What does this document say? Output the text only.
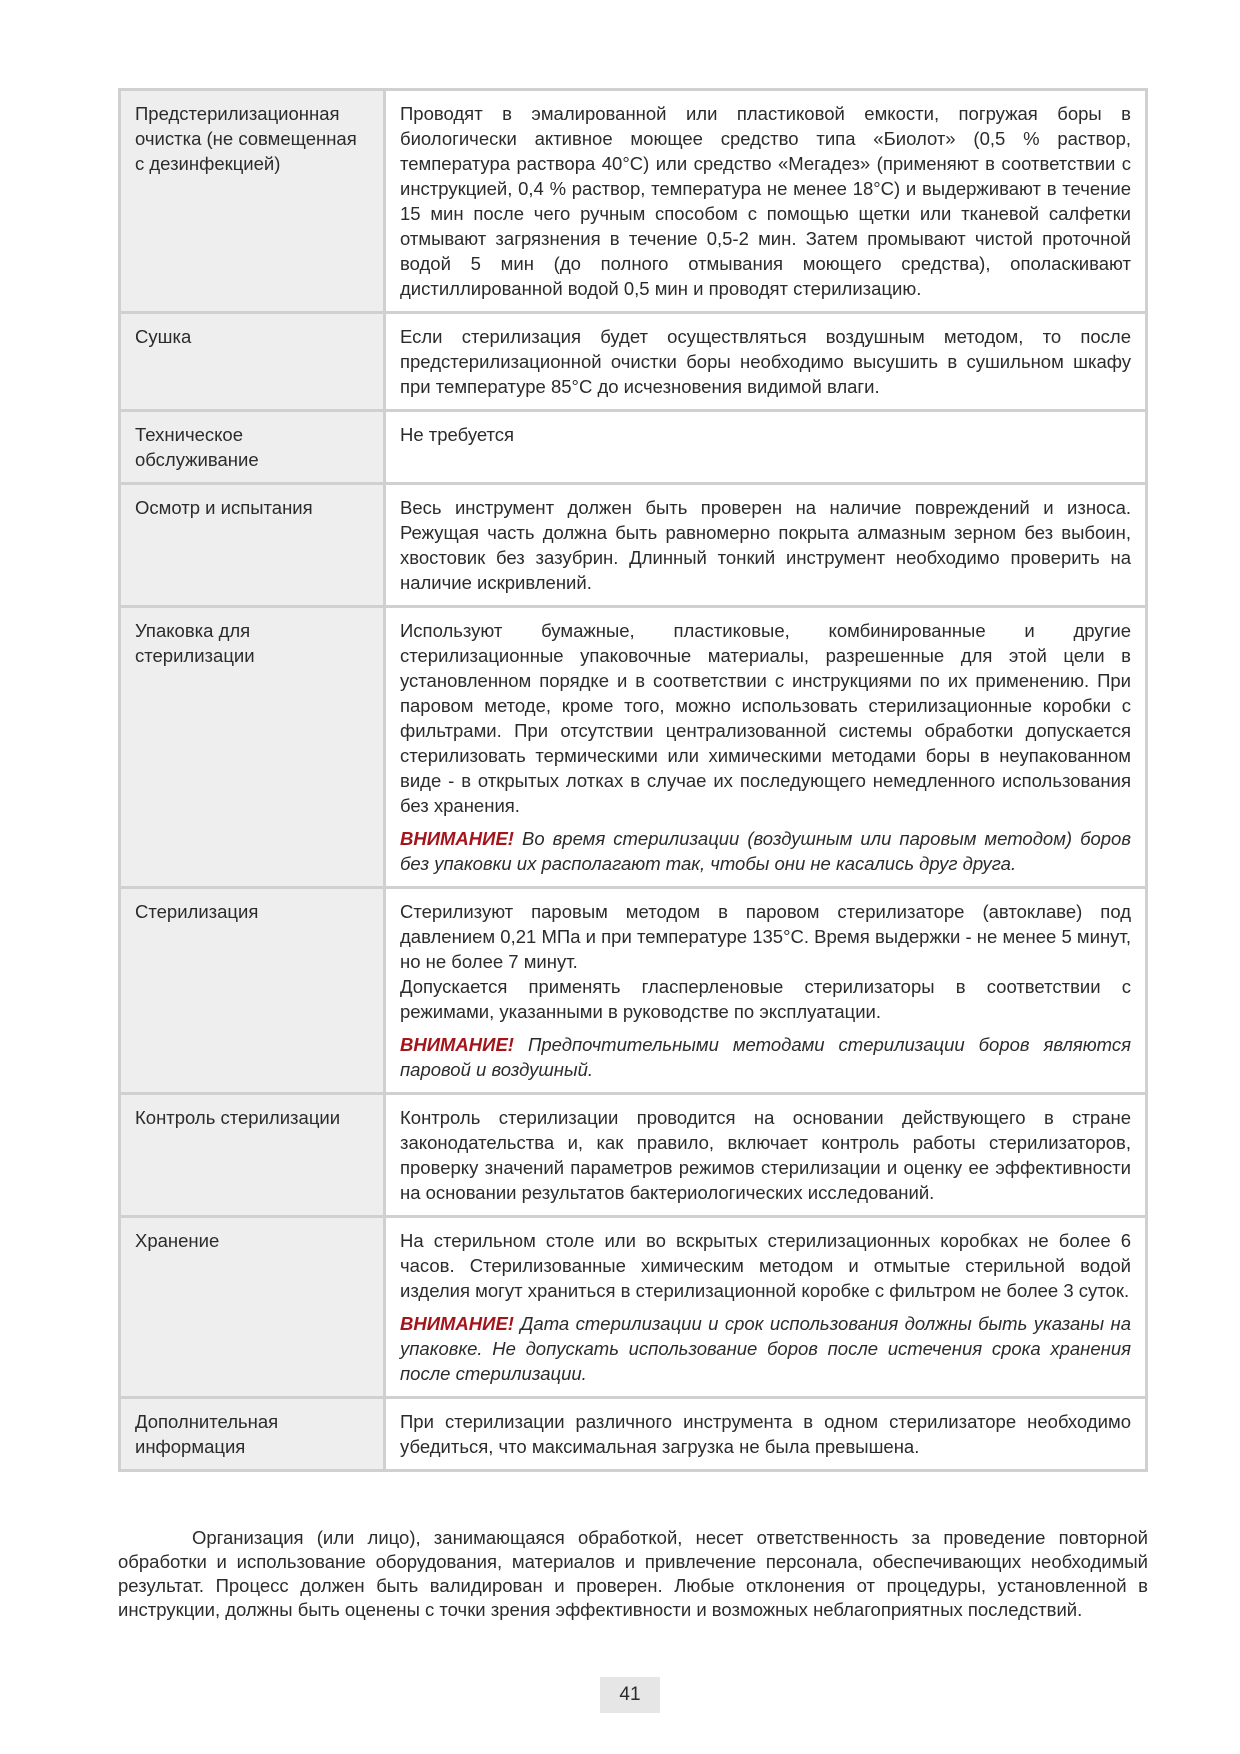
Предстерилизационная очистка (не совмещенная с дезинфекцией)	Проводят в эмалированной или пластиковой емкости, погружая боры в биологически активное моющее средство типа «Биолот» (0,5 % раствор, температура раствора 40°С) или средство «Мегадез» (применяют в соответствии с инструкцией, 0,4 % раствор, температура не менее 18°С) и выдерживают в течение 15 мин после чего ручным способом с помощью щетки или тканевой салфетки отмывают загрязнения в течение 0,5-2 мин. Затем промывают чистой проточной водой 5 мин (до полного отмывания моющего средства), ополаскивают дистиллированной водой 0,5 мин и проводят стерилизацию.

Сушка	Если стерилизация будет осуществляться воздушным методом, то после предстерилизационной очистки боры необходимо высушить в сушильном шкафу при температуре 85°С до исчезновения видимой влаги.

Техническое обслуживание	Не требуется

Осмотр и испытания	Весь инструмент должен быть проверен на наличие повреждений и износа. Режущая часть должна быть равномерно покрыта алмазным зерном без выбоин, хвостовик без зазубрин. Длинный тонкий инструмент необходимо проверить на наличие искривлений.

Упаковка для стерилизации	Используют бумажные, пластиковые, комбинированные и другие стерилизационные упаковочные материалы, разрешенные для этой цели в установленном порядке и в соответствии с инструкциями по их применению. При паровом методе, кроме того, можно использовать стерилизационные коробки с фильтрами. При отсутствии централизованной системы обработки допускается стерилизовать термическими или химическими методами боры в неупакованном виде - в открытых лотках в случае их последующего немедленного использования без хранения.

ВНИМАНИЕ! Во время стерилизации (воздушным или паровым методом) боров без упаковки их располагают так, чтобы они не касались друг друга.

Стерилизация	Стерилизуют паровым методом в паровом стерилизаторе (автоклаве) под давлением 0,21 МПа и при температуре 135°С. Время выдержки - не менее 5 минут, но не более 7 минут.

Допускается применять гласперленовые стерилизаторы в соответствии с режимами, указанными в руководстве по эксплуатации.

ВНИМАНИЕ! Предпочтительными методами стерилизации боров являются паровой и воздушный.

Контроль стерилизации	Контроль стерилизации проводится на основании действующего в стране законодательства и, как правило, включает контроль работы стерилизаторов, проверку значений параметров режимов стерилизации и оценку ее эффективности на основании результатов бактериологических исследований.

Хранение	На стерильном столе или во вскрытых стерилизационных коробках не более 6 часов. Стерилизованные химическим методом и отмытые стерильной водой изделия могут храниться в стерилизационной коробке с фильтром не более 3 суток.

ВНИМАНИЕ! Дата стерилизации и срок использования должны быть указаны на упаковке. Не допускать использование боров после истечения срока хранения после стерилизации.

Дополнительная информация	При стерилизации различного инструмента в одном стерилизаторе необходимо убедиться, что максимальная загрузка не была превышена.

Организация (или лицо), занимающаяся обработкой, несет ответственность за проведение повторной обработки и использование оборудования, материалов и привлечение персонала, обеспечивающих необходимый результат. Процесс должен быть валидирован и проверен. Любые отклонения от процедуры, установленной в инструкции, должны быть оценены с точки зрения эффективности и возможных неблагоприятных последствий.

41
